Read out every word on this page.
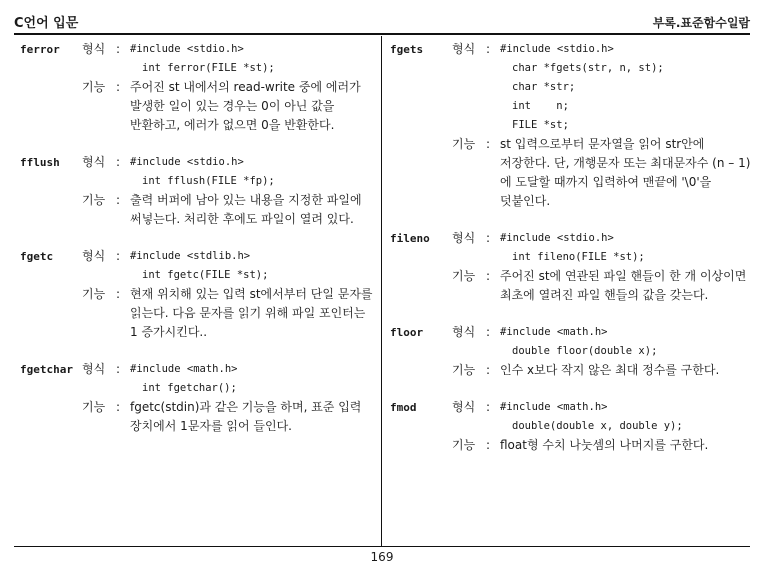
C언어 입문	부록.표준함수일람
169
ferror	형식 : #include <stdio.h>
int ferror(FILE *st);
기능 : 주어진 st 내에서의 read-write 중에 에러가 발생한 일이 있는 경우는 0이 아닌 값을 반환하고, 에러가 없으면 0을 반환한다.
fflush	형식 : #include <stdio.h>
int fflush(FILE *fp);
기능 : 출력 버퍼에 남아 있는 내용을 지정한 파일에 써넣는다. 처리한 후에도 파일이 열려 있다.
fgetc	형식 : #include <stdlib.h>
int fgetc(FILE *st);
기능 : 현재 위치해 있는 입력 st에서부터 단일 문자를 읽는다. 다음 문자를 읽기 위해 파일 포인터는 1 증가시킨다..
fgetchar 형식 : #include <math.h>
int fgetchar();
기능 : fgetc(stdin)과 같은 기능을 하며, 표준 입력 장치에서 1문자를 읽어 들인다.
fgets	형식 : #include <stdio.h>
char *fgets(str, n, st);
char *str;
int    n;
FILE *st;
기능 : st 입력으로부터 문자열을 읽어 str안에 저장한다. 단, 개행문자 또는 최대문자수 (n – 1)에 도달할 때까지 입력하여 맨끝에 '\0'을 덧붙인다.
fileno	형식 : #include <stdio.h>
int fileno(FILE *st);
기능 : 주어진 st에 연관된 파일 핸들이 한 개 이상이면 최초에 열려진 파일 핸들의 값을 갖는다.
floor	형식 : #include <math.h>
double floor(double x);
기능 : 인수 x보다 작지 않은 최대 정수를 구한다.
fmod	형식 : #include <math.h>
double(double x, double y);
기능 : float형 수치 나눗셈의 나머지를 구한다.
